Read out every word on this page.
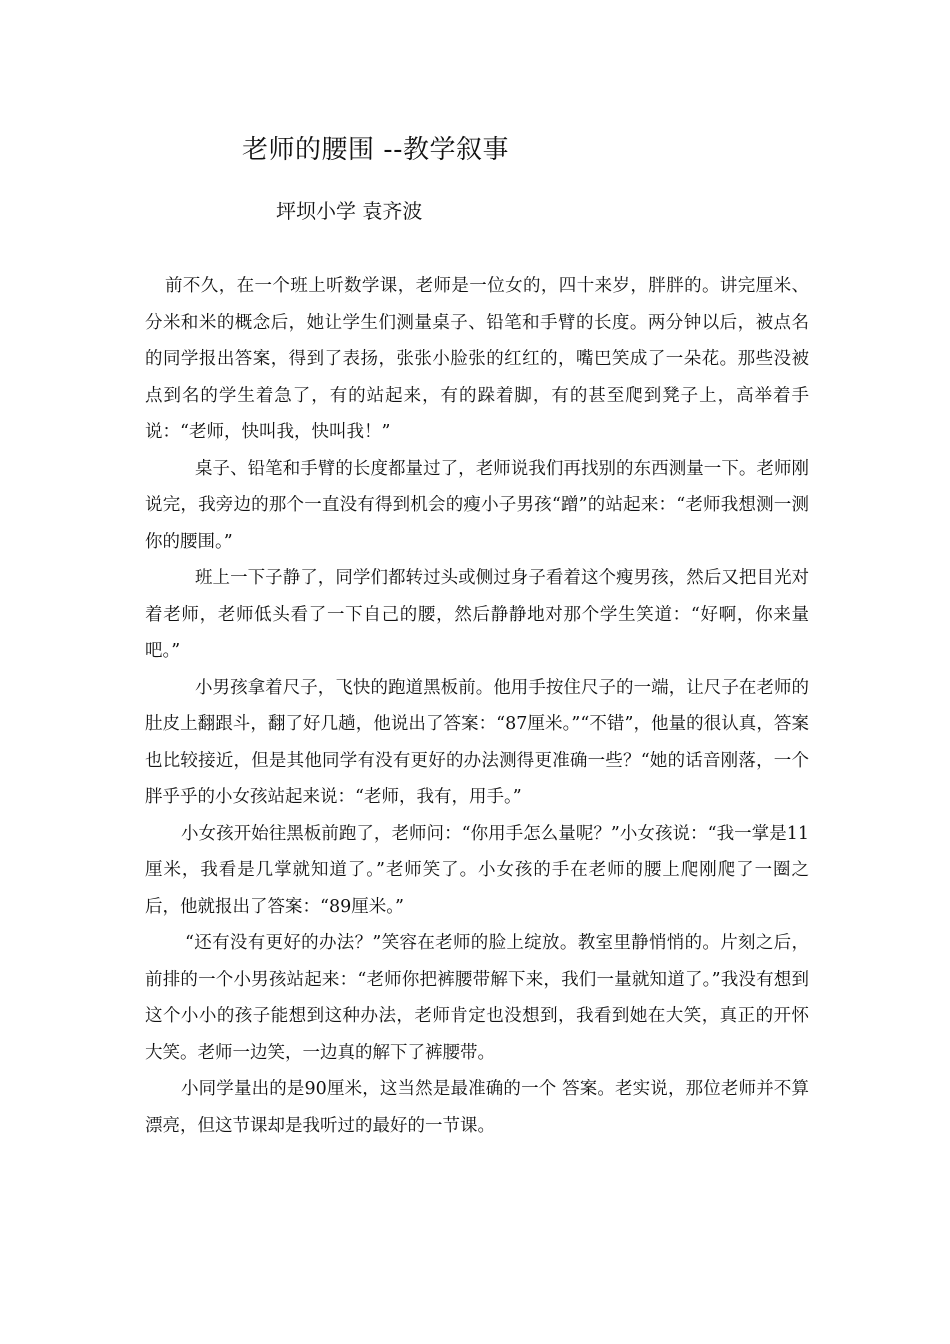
老师的腰围 --教学叙事
坪坝小学 袁齐波

前不久，在一个班上听数学课，老师是一位女的，四十来岁，胖胖的。讲完厘米、分米和米的概念后，她让学生们测量桌子、铅笔和手臂的长度。两分钟以后，被点名的同学报出答案，得到了表扬，张张小脸张的红红的，嘴巴笑成了一朵花。那些没被点到名的学生着急了，有的站起来，有的跺着脚，有的甚至爬到凳子上，高举着手说：“老师，快叫我，快叫我！”

桌子、铅笔和手臂的长度都量过了，老师说我们再找别的东西测量一下。老师刚说完，我旁边的那个一直没有得到机会的瘦小子男孩“蹭”的站起来：“老师我想测一测你的腰围。”

班上一下子静了，同学们都转过头或侧过身子看着这个瘦男孩，然后又把目光对着老师，老师低头看了一下自己的腰，然后静静地对那个学生笑道：“好啊，你来量吧。”

小男孩拿着尺子，飞快的跑道黑板前。他用手按住尺子的一端，让尺子在老师的肚皮上翻跟斗，翻了好几趟，他说出了答案：“87厘米。”“不错”，他量的很认真，答案也比较接近，但是其他同学有没有更好的办法测得更准确一些？“她的话音刚落，一个胖乎乎的小女孩站起来说：“老师，我有，用手。”

小女孩开始往黑板前跑了，老师问：“你用手怎么量呢？”小女孩说：“我一掌是11厘米，我看是几掌就知道了。”老师笑了。小女孩的手在老师的腰上爬刚爬了一圈之后，他就报出了答案：“89厘米。”

“还有没有更好的办法？”笑容在老师的脸上绽放。教室里静悄悄的。片刻之后，前排的一个小男孩站起来：“老师你把裤腰带解下来，我们一量就知道了。”我没有想到这个小小的孩子能想到这种办法，老师肯定也没想到，我看到她在大笑，真正的开怀大笑。老师一边笑，一边真的解下了裤腰带。

小同学量出的是90厘米，这当然是最准确的一个 答案。老实说，那位老师并不算漂亮，但这节课却是我听过的最好的一节课。
